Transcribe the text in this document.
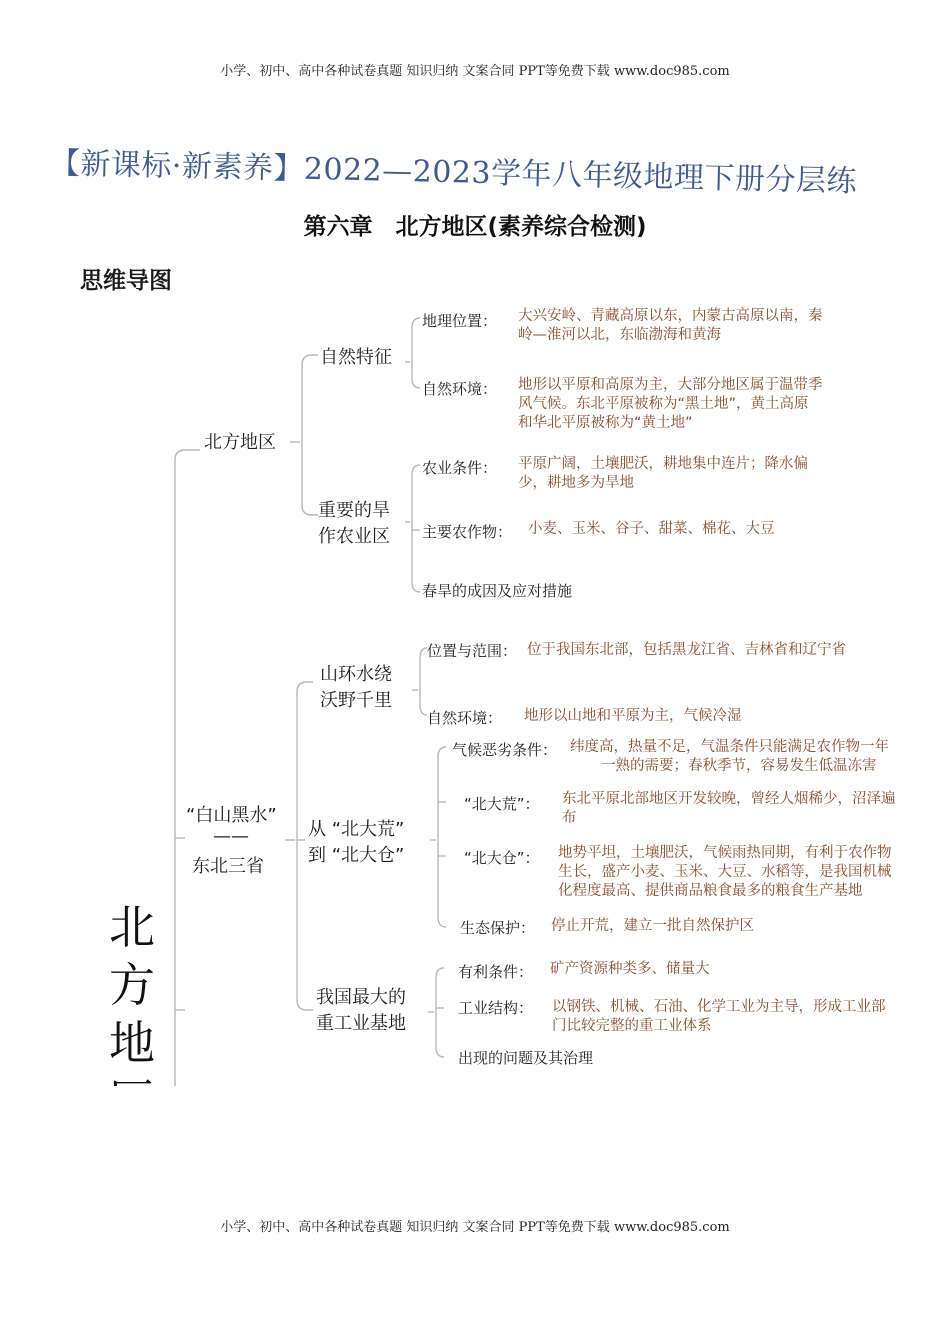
小学、初中、高中各种试卷真题 知识归纳 文案合同 PPT等免费下载 www.doc985.com
小学、初中、高中各种试卷真题 知识归纳 文案合同 PPT等免费下载 www.doc985.com
【新课标·新素养】2022—2023学年八年级地理下册分层练
第六章　北方地区(素养综合检测)
思维导图
北
方
地
北方地区
自然特征
地理位置： 大兴安岭、青藏高原以东，内蒙古高原以南，秦岭—淮河以北，东临渤海和黄海
自然环境： 地形以平原和高原为主，大部分地区属于温带季风气候。东北平原被称为“黑土地”，黄土高原和华北平原被称为“黄土地”
重要的旱
作农业区
农业条件： 平原广阔，土壤肥沃，耕地集中连片；降水偏少，耕地多为旱地
主要农作物： 小麦、玉米、谷子、甜菜、棉花、大豆
春旱的成因及应对措施
“白山黑水”
——
东北三省
山环水绕
沃野千里
位置与范围： 位于我国东北部，包括黑龙江省、吉林省和辽宁省
自然环境： 地形以山地和平原为主，气候冷湿
从 “北大荒”
到 “北大仓”
气候恶劣条件： 纬度高，热量不足，气温条件只能满足农作物一年
一熟的需要；春秋季节，容易发生低温冻害
“北大荒”： 东北平原北部地区开发较晚，曾经人烟稀少，沼泽遍布
“北大仓”： 地势平坦，土壤肥沃，气候雨热同期，有利于农作物
生长，盛产小麦、玉米、大豆、水稻等，是我国机械
化程度最高、提供商品粮食最多的粮食生产基地
生态保护： 停止开荒，建立一批自然保护区
我国最大的
重工业基地
有利条件： 矿产资源种类多、储量大
工业结构： 以钢铁、机械、石油、化学工业为主导，形成工业部门比较完整的重工业体系
出现的问题及其治理
